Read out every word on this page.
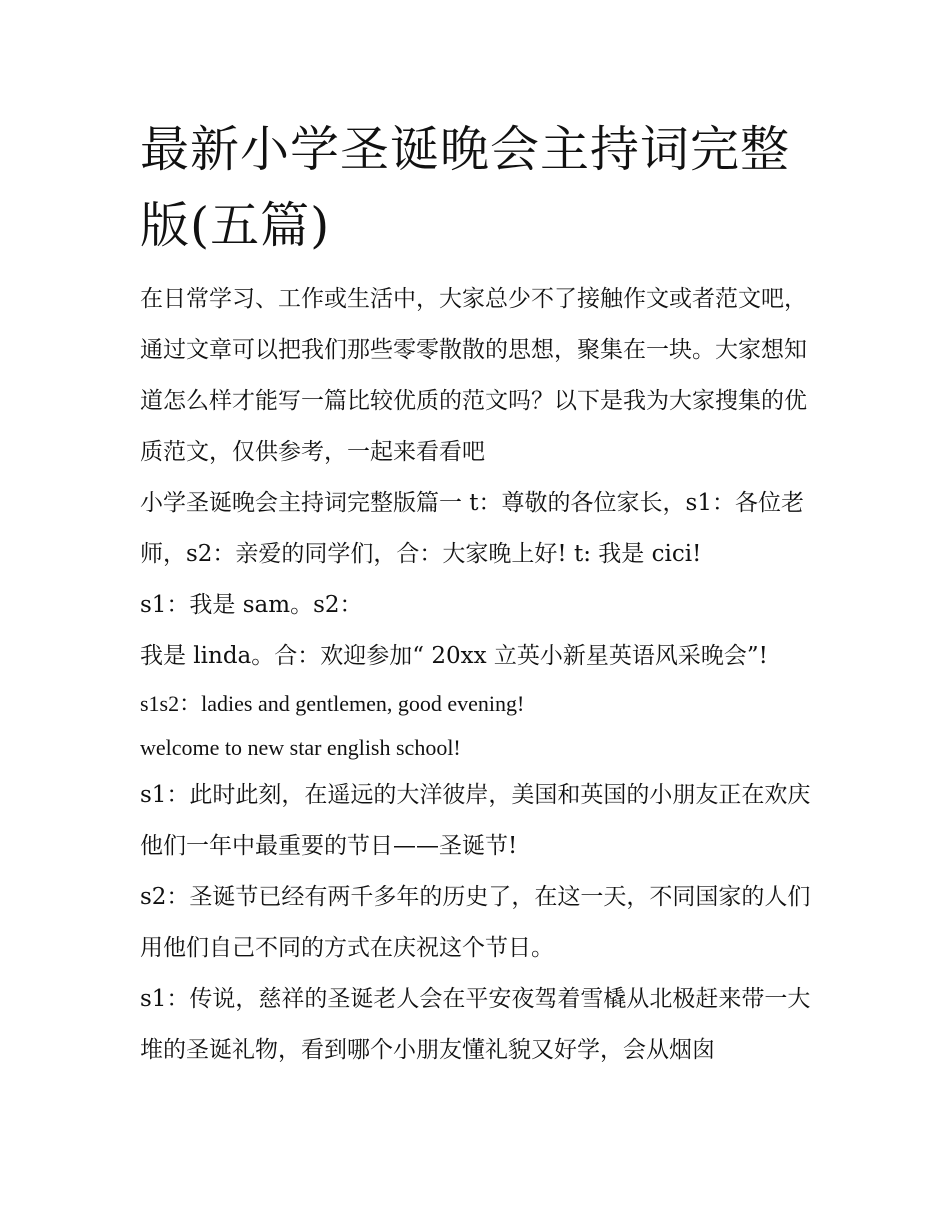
最新小学圣诞晚会主持词完整版(五篇)

在日常学习、工作或生活中，大家总少不了接触作文或者范文吧，通过文章可以把我们那些零零散散的思想，聚集在一块。大家想知道怎么样才能写一篇比较优质的范文吗？以下是我为大家搜集的优质范文，仅供参考，一起来看看吧

小学圣诞晚会主持词完整版篇一 t：尊敬的各位家长，s1：各位老师，s2：亲爱的同学们，合：大家晚上好! t: 我是 cici!

s1：我是 sam。s2：

我是 linda。合：欢迎参加“ 20xx 立英小新星英语风采晚会”!

s1s2：ladies and gentlemen, good evening!

welcome to new star english school!

s1：此时此刻，在遥远的大洋彼岸，美国和英国的小朋友正在欢庆他们一年中最重要的节日——圣诞节!

s2：圣诞节已经有两千多年的历史了，在这一天，不同国家的人们用他们自己不同的方式在庆祝这个节日。

s1：传说，慈祥的圣诞老人会在平安夜驾着雪橇从北极赶来带一大堆的圣诞礼物，看到哪个小朋友懂礼貌又好学，会从烟囱
